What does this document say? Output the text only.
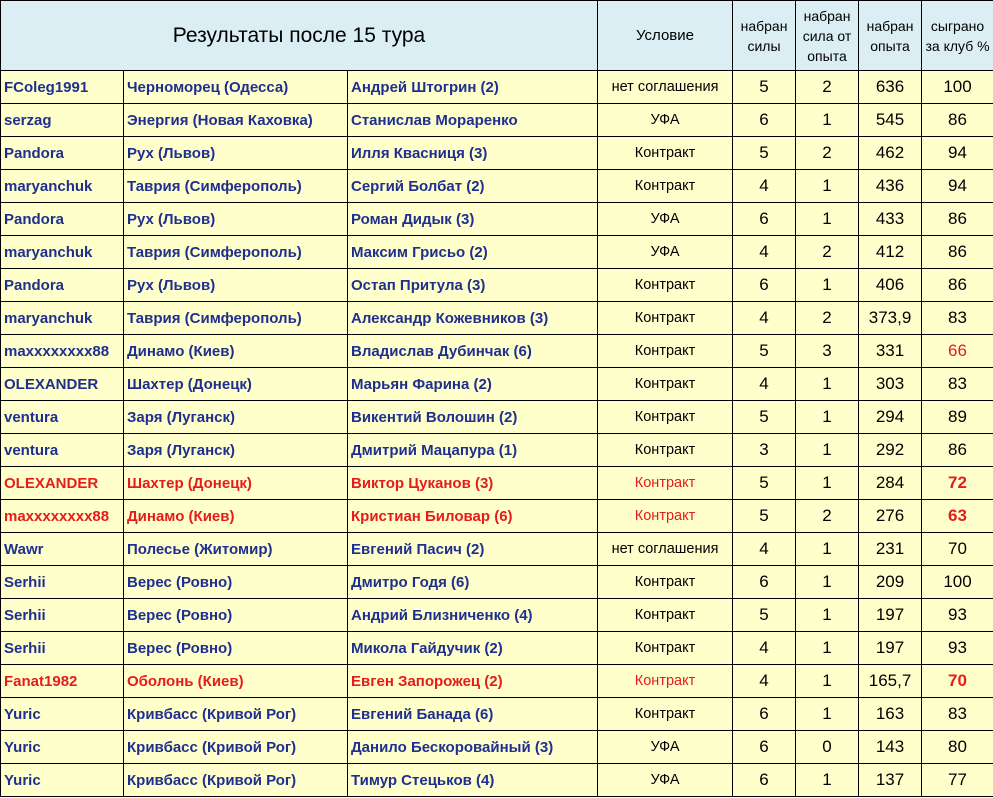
Результаты после 15 тура			Условие	набран силы	набран сила от опыта	набран опыта	сыграно за клуб %
FColeg1991	Черноморец (Одесса)	Андрей Штогрин (2)	нет соглашения	5	2	636	100
serzag	Энергия (Новая Каховка)	Станислав Мораренко	УФА	6	1	545	86
Pandora	Рух (Львов)	Илля Квасниця (3)	Контракт	5	2	462	94
maryanchuk	Таврия (Симферополь)	Сергий Болбат (2)	Контракт	4	1	436	94
Pandora	Рух (Львов)	Роман Дидык (3)	УФА	6	1	433	86
maryanchuk	Таврия (Симферополь)	Максим Грисьо (2)	УФА	4	2	412	86
Pandora	Рух (Львов)	Остап Притула (3)	Контракт	6	1	406	86
maryanchuk	Таврия (Симферополь)	Александр Кожевников (3)	Контракт	4	2	373,9	83
maxxxxxxxx88	Динамо (Киев)	Владислав Дубинчак (6)	Контракт	5	3	331	66
OLEXANDER	Шахтер (Донецк)	Марьян Фарина (2)	Контракт	4	1	303	83
ventura	Заря (Луганск)	Викентий Волошин (2)	Контракт	5	1	294	89
ventura	Заря (Луганск)	Дмитрий Мацапура (1)	Контракт	3	1	292	86
OLEXANDER	Шахтер (Донецк)	Виктор Цуканов (3)	Контракт	5	1	284	72
maxxxxxxxx88	Динамо (Киев)	Кристиан Биловар (6)	Контракт	5	2	276	63
Wawr	Полесье (Житомир)	Евгений Пасич (2)	нет соглашения	4	1	231	70
Serhii	Верес (Ровно)	Дмитро Годя (6)	Контракт	6	1	209	100
Serhii	Верес (Ровно)	Андрий Близниченко (4)	Контракт	5	1	197	93
Serhii	Верес (Ровно)	Микола Гайдучик (2)	Контракт	4	1	197	93
Fanat1982	Оболонь (Киев)	Евген Запорожец (2)	Контракт	4	1	165,7	70
Yuric	Кривбасс (Кривой Рог)	Евгений Банада (6)	Контракт	6	1	163	83
Yuric	Кривбасс (Кривой Рог)	Данило Бескоровайный (3)	УФА	6	0	143	80
Yuric	Кривбасс (Кривой Рог)	Тимур Стецьков (4)	УФА	6	1	137	77
